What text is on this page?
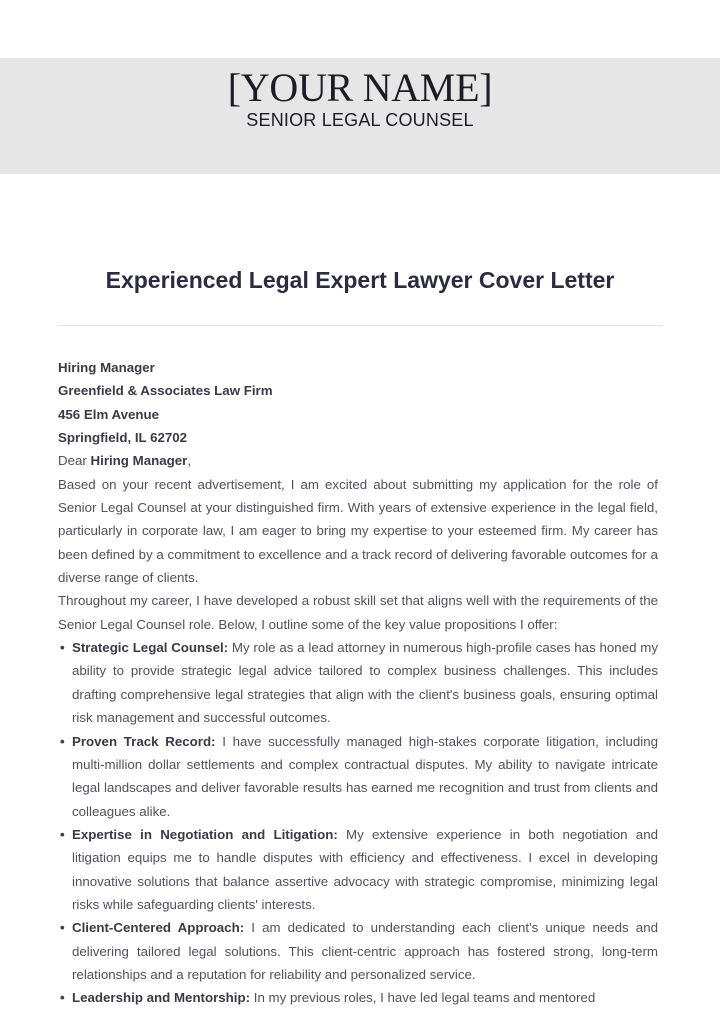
[YOUR NAME]
SENIOR LEGAL COUNSEL
Experienced Legal Expert Lawyer Cover Letter

Hiring Manager

Greenfield & Associates Law Firm

456 Elm Avenue

Springfield, IL 62702

Dear Hiring Manager,

Based on your recent advertisement, I am excited about submitting my application for the role of Senior Legal Counsel at your distinguished firm. With years of extensive experience in the legal field, particularly in corporate law, I am eager to bring my expertise to your esteemed firm. My career has been defined by a commitment to excellence and a track record of delivering favorable outcomes for a diverse range of clients.

Throughout my career, I have developed a robust skill set that aligns well with the requirements of the Senior Legal Counsel role. Below, I outline some of the key value propositions I offer:

• Strategic Legal Counsel: My role as a lead attorney in numerous high-profile cases has honed my ability to provide strategic legal advice tailored to complex business challenges. This includes drafting comprehensive legal strategies that align with the client's business goals, ensuring optimal risk management and successful outcomes.
• Proven Track Record: I have successfully managed high-stakes corporate litigation, including multi-million dollar settlements and complex contractual disputes. My ability to navigate intricate legal landscapes and deliver favorable results has earned me recognition and trust from clients and colleagues alike.
• Expertise in Negotiation and Litigation: My extensive experience in both negotiation and litigation equips me to handle disputes with efficiency and effectiveness. I excel in developing innovative solutions that balance assertive advocacy with strategic compromise, minimizing legal risks while safeguarding clients' interests.
• Client-Centered Approach: I am dedicated to understanding each client's unique needs and delivering tailored legal solutions. This client-centric approach has fostered strong, long-term relationships and a reputation for reliability and personalized service.
• Leadership and Mentorship: In my previous roles, I have led legal teams and mentored
